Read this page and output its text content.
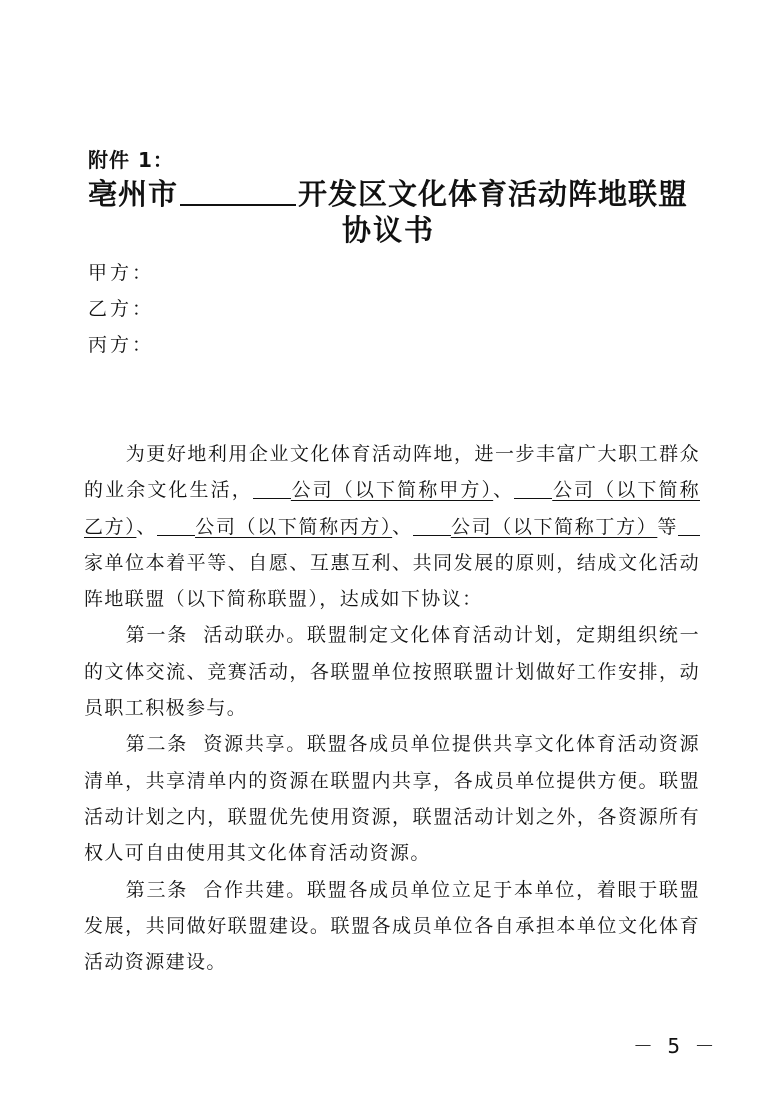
附件 1：
亳州市	开发区文化体育活动阵地联盟
协议书
甲方：
乙方：
丙方：

为更好地利用企业文化体育活动阵地，进一步丰富广大职工群众的业余文化生活， 公司（以下简称甲方）、 公司（以下简称乙方）、 公司（以下简称丙方）、 公司（以下简称丁方）等家单位本着平等、自愿、互惠互利、共同发展的原则，结成文化活动阵地联盟（以下简称联盟），达成如下协议：

第一条 活动联办。联盟制定文化体育活动计划，定期组织统一的文体交流、竞赛活动，各联盟单位按照联盟计划做好工作安排，动员职工积极参与。

第二条 资源共享。联盟各成员单位提供共享文化体育活动资源清单，共享清单内的资源在联盟内共享，各成员单位提供方便。联盟活动计划之内，联盟优先使用资源，联盟活动计划之外，各资源所有权人可自由使用其文化体育活动资源。

第三条 合作共建。联盟各成员单位立足于本单位，着眼于联盟发展，共同做好联盟建设。联盟各成员单位各自承担本单位文化体育活动资源建设。

－ 5 －
